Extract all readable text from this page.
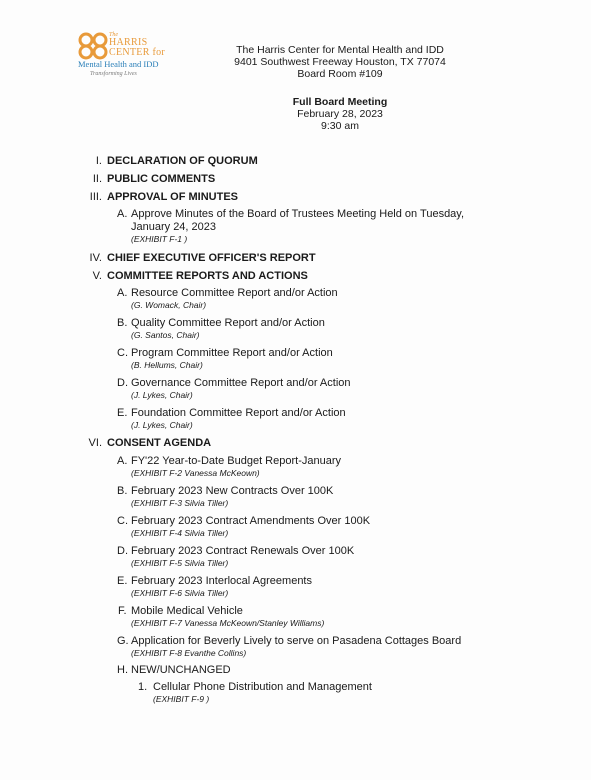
The
HARRIS
CENTER for
Mental Health and IDD
Transforming Lives
The Harris Center for Mental Health and IDD
9401 Southwest Freeway Houston, TX 77074
Board Room #109
Full Board Meeting
February 28, 2023
9:30 am
I. DECLARATION OF QUORUM
II. PUBLIC COMMENTS
III. APPROVAL OF MINUTES
A. Approve Minutes of the Board of Trustees Meeting Held on Tuesday,
January 24, 2023
(EXHIBIT F-1 )
IV. CHIEF EXECUTIVE OFFICER'S REPORT
V. COMMITTEE REPORTS AND ACTIONS
A. Resource Committee Report and/or Action
(G. Womack, Chair)
B. Quality Committee Report and/or Action
(G. Santos, Chair)
C. Program Committee Report and/or Action
(B. Hellums, Chair)
D. Governance Committee Report and/or Action
(J. Lykes, Chair)
E. Foundation Committee Report and/or Action
(J. Lykes, Chair)
VI. CONSENT AGENDA
A. FY'22 Year-to-Date Budget Report-January
(EXHIBIT F-2 Vanessa McKeown)
B. February 2023 New Contracts Over 100K
(EXHIBIT F-3 Silvia Tiller)
C. February 2023 Contract Amendments Over 100K
(EXHIBIT F-4 Silvia Tiller)
D. February 2023 Contract Renewals Over 100K
(EXHIBIT F-5 Silvia Tiller)
E. February 2023 Interlocal Agreements
(EXHIBIT F-6 Silvia Tiller)
F. Mobile Medical Vehicle
(EXHIBIT F-7 Vanessa McKeown/Stanley Williams)
G. Application for Beverly Lively to serve on Pasadena Cottages Board
(EXHIBIT F-8 Evanthe Collins)
H. NEW/UNCHANGED
1. Cellular Phone Distribution and Management
(EXHIBIT F-9 )
